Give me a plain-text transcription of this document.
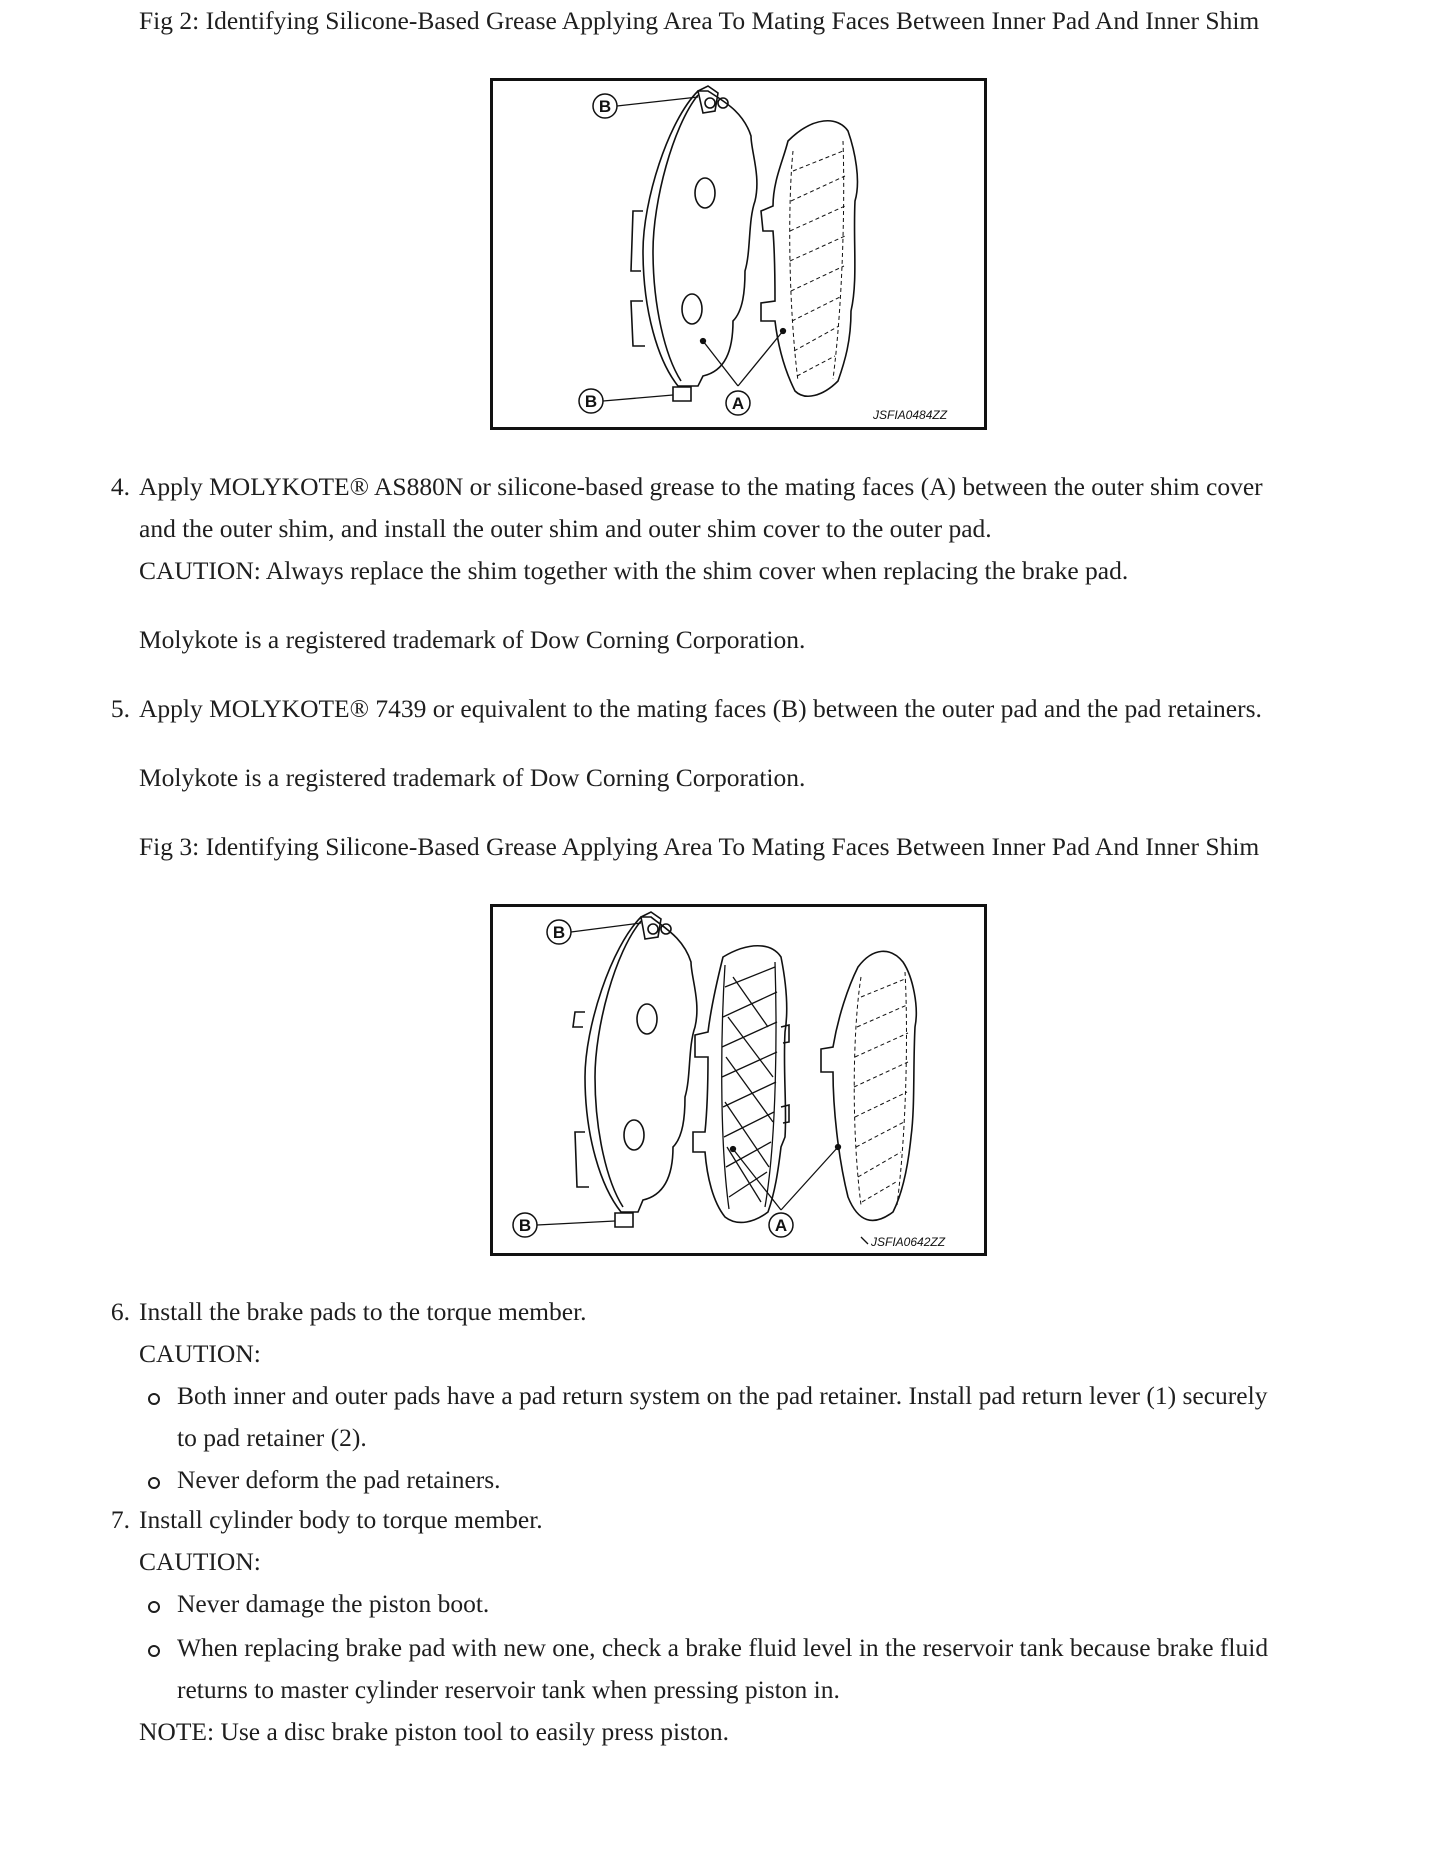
Fig 2: Identifying Silicone-Based Grease Applying Area To Mating Faces Between Inner Pad And Inner Shim
B
B	A
JSFIA0484ZZ
4. Apply MOLYKOTE® AS880N or silicone-based grease to the mating faces (A) between the outer shim cover
and the outer shim, and install the outer shim and outer shim cover to the outer pad.
CAUTION: Always replace the shim together with the shim cover when replacing the brake pad.
Molykote is a registered trademark of Dow Corning Corporation.
5. Apply MOLYKOTE® 7439 or equivalent to the mating faces (B) between the outer pad and the pad retainers.
Molykote is a registered trademark of Dow Corning Corporation.
Fig 3: Identifying Silicone-Based Grease Applying Area To Mating Faces Between Inner Pad And Inner Shim
B
B	A
JSFIA0642ZZ
6. Install the brake pads to the torque member.
CAUTION:
Both inner and outer pads have a pad return system on the pad retainer. Install pad return lever (1) securely
to pad retainer (2).
Never deform the pad retainers.
7. Install cylinder body to torque member.
CAUTION:
Never damage the piston boot.
When replacing brake pad with new one, check a brake fluid level in the reservoir tank because brake fluid
returns to master cylinder reservoir tank when pressing piston in.
NOTE: Use a disc brake piston tool to easily press piston.
